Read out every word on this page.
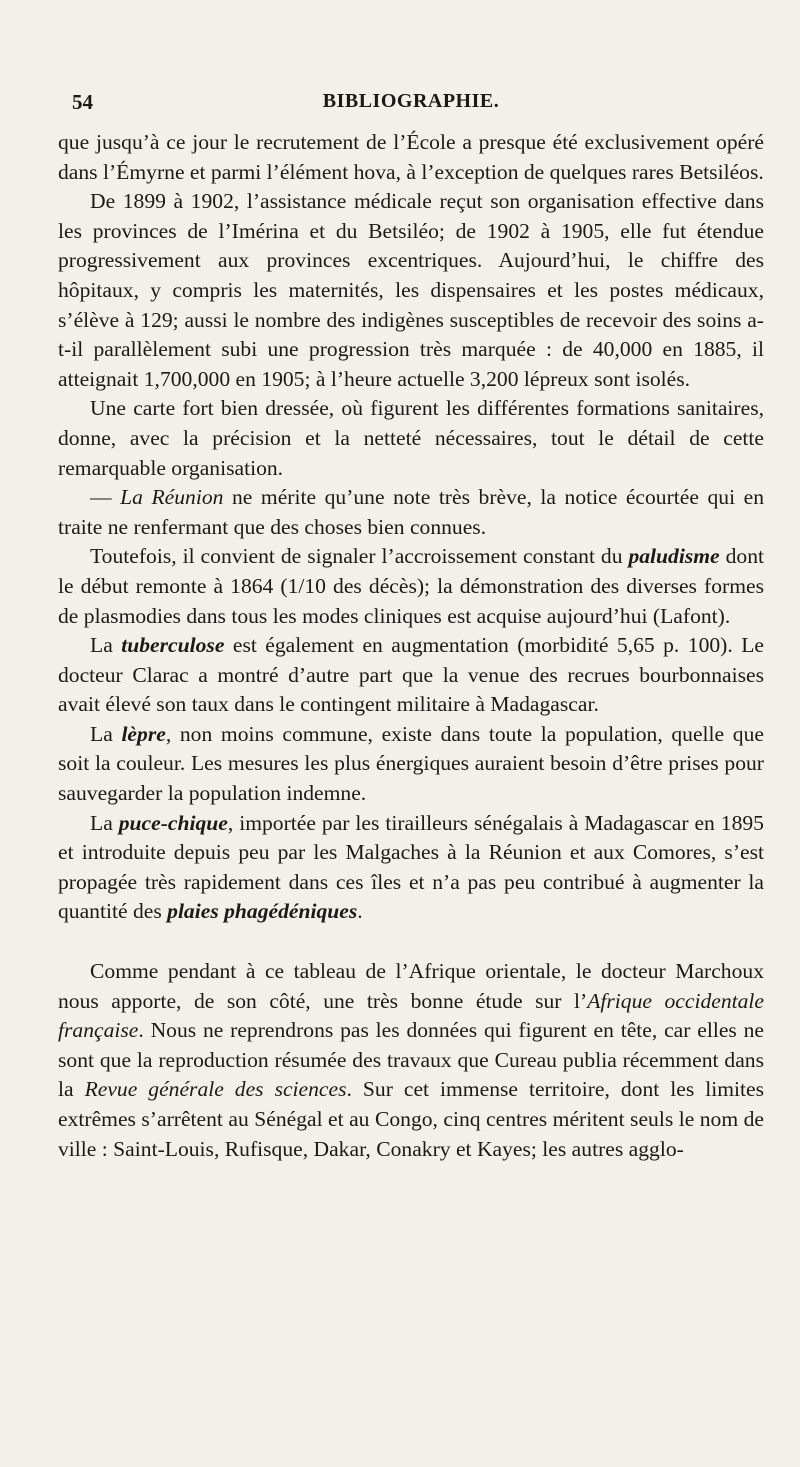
54	BIBLIOGRAPHIE.

que jusqu’à ce jour le recrutement de l’École a presque été exclusivement opéré dans l’Émyrne et parmi l’élément hova, à l’exception de quelques rares Betsiléos.

De 1899 à 1902, l’assistance médicale reçut son organisation effective dans les provinces de l’Imérina et du Betsiléo; de 1902 à 1905, elle fut étendue progressivement aux provinces excentriques. Aujourd’hui, le chiffre des hôpitaux, y compris les maternités, les dispensaires et les postes médicaux, s’élève à 129; aussi le nombre des indigènes susceptibles de recevoir des soins a-t-il parallèlement subi une progression très marquée : de 40,000 en 1885, il atteignait 1,700,000 en 1905; à l’heure actuelle 3,200 lépreux sont isolés.

Une carte fort bien dressée, où figurent les différentes formations sanitaires, donne, avec la précision et la netteté nécessaires, tout le détail de cette remarquable organisation.

— La Réunion ne mérite qu’une note très brève, la notice écourtée qui en traite ne renfermant que des choses bien connues.

Toutefois, il convient de signaler l’accroissement constant du paludisme dont le début remonte à 1864 (1/10 des décès); la démonstration des diverses formes de plasmodies dans tous les modes cliniques est acquise aujourd’hui (Lafont).

La tuberculose est également en augmentation (morbidité 5,65 p. 100). Le docteur Clarac a montré d’autre part que la venue des recrues bourbonnaises avait élevé son taux dans le contingent militaire à Madagascar.

La lèpre, non moins commune, existe dans toute la population, quelle que soit la couleur. Les mesures les plus énergiques auraient besoin d’être prises pour sauvegarder la population indemne.

La puce-chique, importée par les tirailleurs sénégalais à Madagascar en 1895 et introduite depuis peu par les Malgaches à la Réunion et aux Comores, s’est propagée très rapidement dans ces îles et n’a pas peu contribué à augmenter la quantité des plaies phagédéniques.

Comme pendant à ce tableau de l’Afrique orientale, le docteur Marchoux nous apporte, de son côté, une très bonne étude sur l’Afrique occidentale française. Nous ne reprendrons pas les données qui figurent en tête, car elles ne sont que la reproduction résumée des travaux que Cureau publia récemment dans la Revue générale des sciences. Sur cet immense territoire, dont les limites extrêmes s’arrêtent au Sénégal et au Congo, cinq centres méritent seuls le nom de ville : Saint-Louis, Rufisque, Dakar, Conakry et Kayes; les autres agglo-
